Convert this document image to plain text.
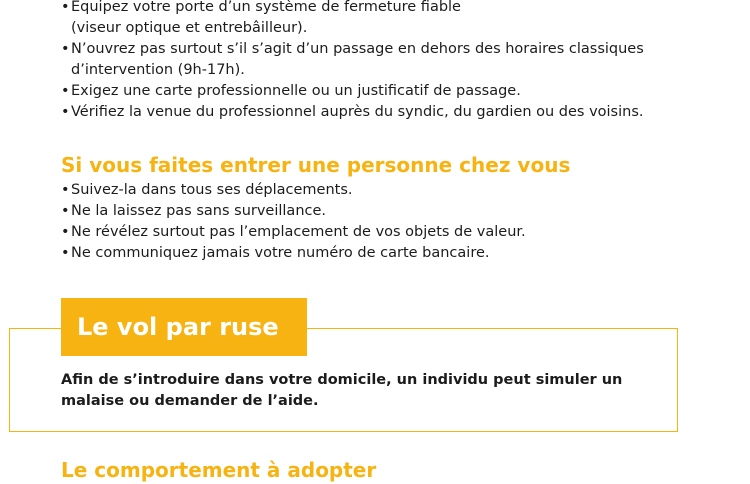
• Équipez votre porte d’un système de fermeture fiable
(viseur optique et entrebâilleur).
• N’ouvrez pas surtout s’il s’agit d’un passage en dehors des horaires classiques
d’intervention (9h-17h).
• Exigez une carte professionnelle ou un justificatif de passage.
• Vérifiez la venue du professionnel auprès du syndic, du gardien ou des voisins.
Si vous faites entrer une personne chez vous
• Suivez-la dans tous ses déplacements.
• Ne la laissez pas sans surveillance.
• Ne révélez surtout pas l’emplacement de vos objets de valeur.
• Ne communiquez jamais votre numéro de carte bancaire.
Le vol par ruse

Afin de s’introduire dans votre domicile, un individu peut simuler un malaise ou demander de l’aide.

Le comportement à adopter
